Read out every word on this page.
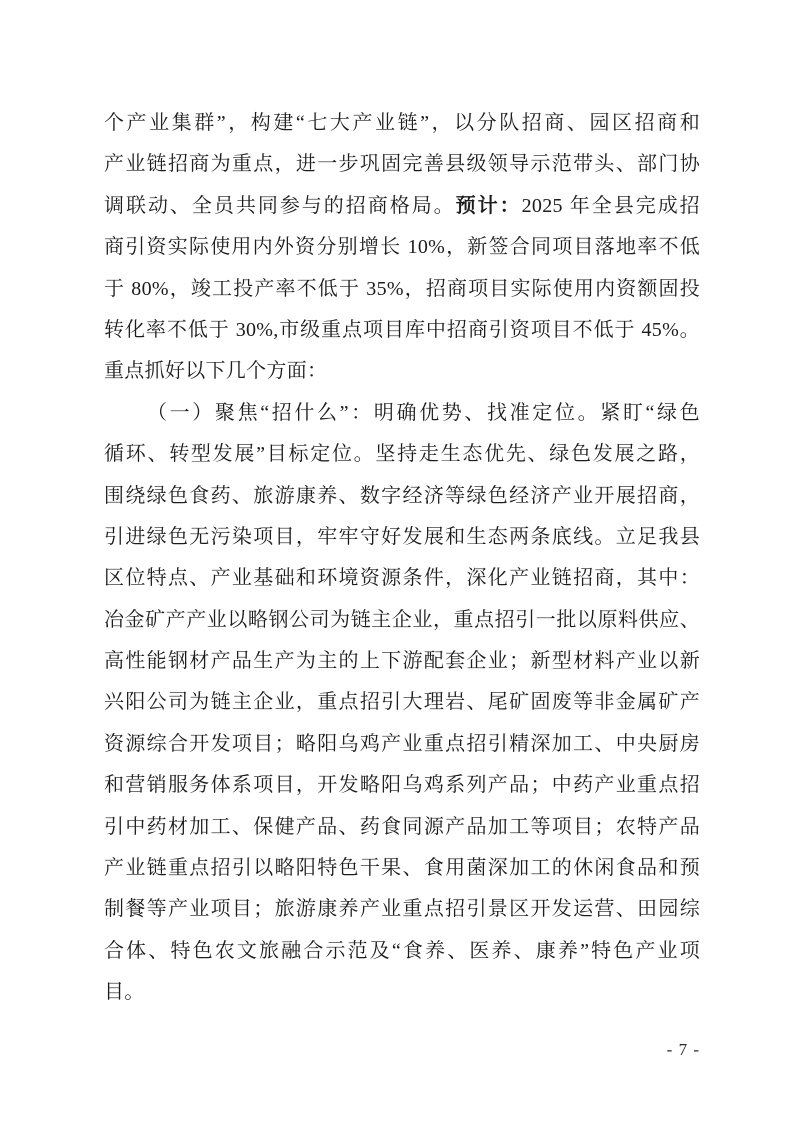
个产业集群”，构建“七大产业链”，以分队招商、园区招商和
产业链招商为重点，进一步巩固完善县级领导示范带头、部门协
调联动、全员共同参与的招商格局。预计：2025 年全县完成招
商引资实际使用内外资分别增长 10%，新签合同项目落地率不低
于 80%，竣工投产率不低于 35%，招商项目实际使用内资额固投
转化率不低于 30%,市级重点项目库中招商引资项目不低于 45%。
重点抓好以下几个方面：
（一）聚焦“招什么”：明确优势、找准定位。紧盯“绿色
循环、转型发展”目标定位。坚持走生态优先、绿色发展之路，
围绕绿色食药、旅游康养、数字经济等绿色经济产业开展招商，
引进绿色无污染项目，牢牢守好发展和生态两条底线。立足我县
区位特点、产业基础和环境资源条件，深化产业链招商，其中：
冶金矿产产业以略钢公司为链主企业，重点招引一批以原料供应、
高性能钢材产品生产为主的上下游配套企业；新型材料产业以新
兴阳公司为链主企业，重点招引大理岩、尾矿固废等非金属矿产
资源综合开发项目；略阳乌鸡产业重点招引精深加工、中央厨房
和营销服务体系项目，开发略阳乌鸡系列产品；中药产业重点招
引中药材加工、保健产品、药食同源产品加工等项目；农特产品
产业链重点招引以略阳特色干果、食用菌深加工的休闲食品和预
制餐等产业项目；旅游康养产业重点招引景区开发运营、田园综
合体、特色农文旅融合示范及“食养、医养、康养”特色产业项
目。
- 7 -
